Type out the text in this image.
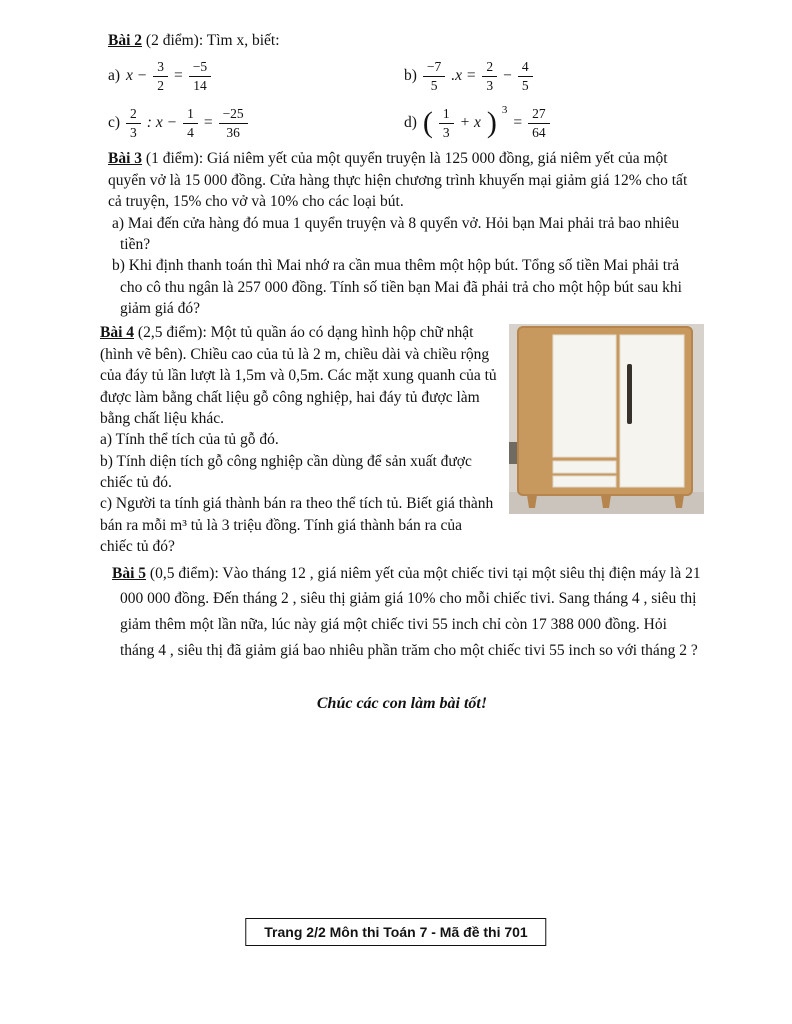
Bài 2 (2 điểm): Tìm x, biết:

a) $x - \frac{3}{2} = \frac{-5}{14}$	$b) \frac{-7}{5} .x = \frac{2}{3} - \frac{4}{5}$
$c) \frac{2}{3}$ : $x - \frac{1}{4} = \frac{-25}{36}$	d) ( $\frac{1}{3} + x$ ) $^3$
= $\frac{27}{64}$

Bài 3 (1 điểm): Giá niêm yết của một quyển truyện là 125 000 đồng, giá niêm yết của một quyển vở là 15 000 đồng. Cửa hàng thực hiện chương trình khuyến mại giảm giá 12% cho tất cả truyện, 15% cho vở và 10% cho các loại bút.

a) Mai đến cửa hàng đó mua 1 quyển truyện và 8 quyển vở. Hỏi bạn Mai phải trả bao nhiêu tiền?

b) Khi định thanh toán thì Mai nhớ ra cần mua thêm một hộp bút. Tổng số tiền Mai phải trả cho cô thu ngân là 257 000 đồng. Tính số tiền bạn Mai đã phải trả cho một hộp bút sau khi giảm giá đó?

Bài 4 (2,5 điểm): Một tủ quần áo có dạng hình hộp chữ nhật (hình vẽ bên). Chiều cao của tủ là 2 m, chiều dài và chiều rộng của đáy tủ lần lượt là 1,5m và 0,5m. Các mặt xung quanh của tủ được làm bằng chất liệu gỗ công nghiệp, hai đáy tủ được làm bằng chất liệu khác.

a) Tính thể tích của tủ gỗ đó.

b) Tính diện tích gỗ công nghiệp cần dùng để sản xuất được chiếc tủ đó.

c) Người ta tính giá thành bán ra theo thể tích tủ. Biết giá thành bán ra mỗi m³ tủ là 3 triệu đồng. Tính giá thành bán ra của chiếc tủ đó?

Bài 5 (0,5 điểm): Vào tháng 12 , giá niêm yết của một chiếc tivi tại một siêu thị điện máy là 21 000 000 đồng. Đến tháng 2 , siêu thị giảm giá 10% cho mỗi chiếc tivi. Sang tháng 4 , siêu thị giảm thêm một lần nữa, lúc này giá một chiếc tivi 55 inch chỉ còn 17 388 000 đồng. Hỏi tháng 4 , siêu thị đã giảm giá bao nhiêu phần trăm cho một chiếc tivi 55 inch so với tháng 2 ?

Chúc các con làm bài tốt!

Trang 2/2 Môn thi Toán 7 - Mã đề thi 701
